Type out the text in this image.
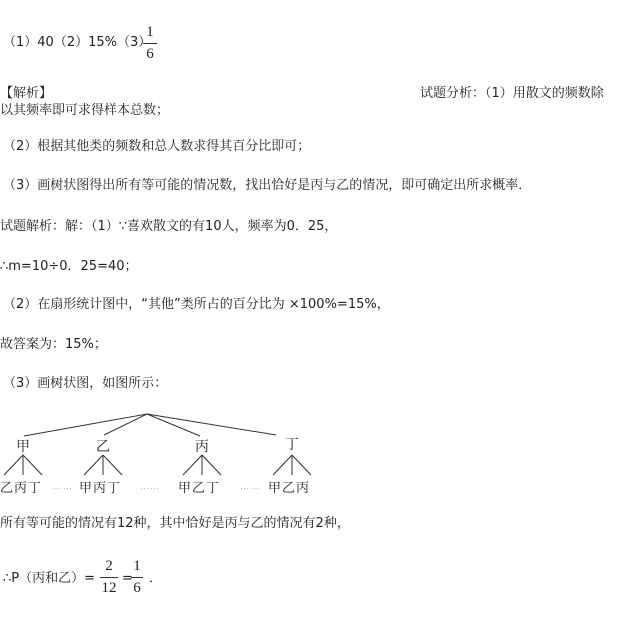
（1）40（2）15%（3）
1
6
【解析】	试题分析：（1）用散文的频数除
以其频率即可求得样本总数；
（2）根据其他类的频数和总人数求得其百分比即可；
（3）画树状图得出所有等可能的情况数，找出恰好是丙与乙的情况，即可确定出所求概率．
试题解析：解：（1）∵喜欢散文的有10人，频率为0．25，
∴m=10÷0．25=40；
（2）在扇形统计图中，“其他”类所占的百分比为 ×100%=15%，
故答案为：15%；
（3）画树状图，如图所示：
甲	乙	丙	丁
乙丙丁 …… 甲丙丁 …… 甲乙丁 …… 甲乙丙
所有等可能的情况有12种，其中恰好是丙与乙的情况有2种，
∴P（丙和乙）=
2
12
=
1
6
．
